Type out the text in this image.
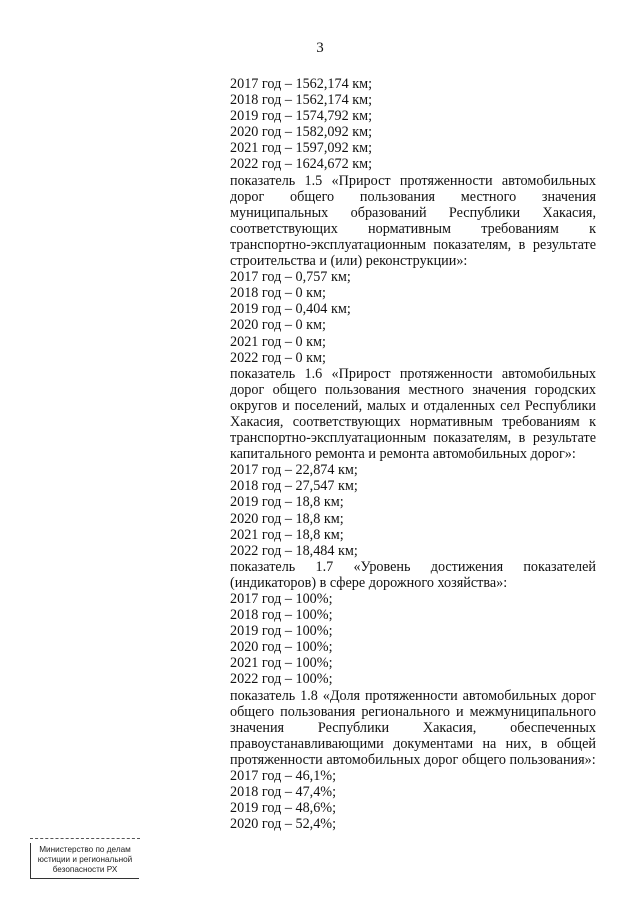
3
2017 год – 1562,174 км;
2018 год – 1562,174 км;
2019 год – 1574,792 км;
2020 год – 1582,092 км;
2021 год – 1597,092 км;
2022 год – 1624,672 км;
показатель 1.5 «Прирост протяженности автомобильных
дорог общего пользования местного значения
муниципальных образований Республики Хакасия,
соответствующих нормативным требованиям к
транспортно-эксплуатационным показателям, в результате
строительства и (или) реконструкции»:
2017 год – 0,757 км;
2018 год – 0 км;
2019 год – 0,404 км;
2020 год – 0 км;
2021 год – 0 км;
2022 год – 0 км;
показатель 1.6 «Прирост протяженности автомобильных
дорог общего пользования местного значения городских
округов и поселений, малых и отдаленных сел Республики
Хакасия, соответствующих нормативным требованиям к
транспортно-эксплуатационным показателям, в результате
капитального ремонта и ремонта автомобильных дорог»:
2017 год – 22,874 км;
2018 год – 27,547 км;
2019 год – 18,8 км;
2020 год – 18,8 км;
2021 год – 18,8 км;
2022 год – 18,484 км;
показатель 1.7 «Уровень достижения показателей
(индикаторов) в сфере дорожного хозяйства»:
2017 год – 100%;
2018 год – 100%;
2019 год – 100%;
2020 год – 100%;
2021 год – 100%;
2022 год – 100%;
показатель 1.8 «Доля протяженности автомобильных дорог
общего пользования регионального и межмуниципального
значения Республики Хакасия, обеспеченных
правоустанавливающими документами на них, в общей
протяженности автомобильных дорог общего пользования»:
2017 год – 46,1%;
2018 год – 47,4%;
2019 год – 48,6%;
2020 год – 52,4%;
Министерство по делам
юстиции и региональной
безопасности РХ
